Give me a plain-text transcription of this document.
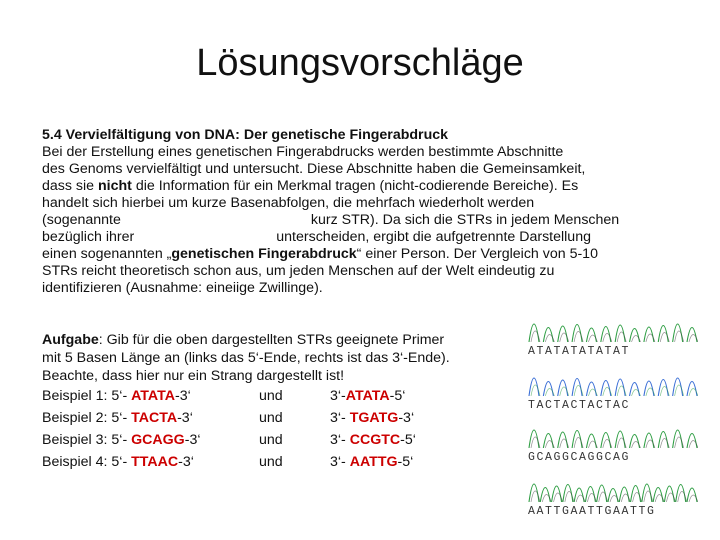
Lösungsvorschläge
5.4 Vervielfältigung von DNA: Der genetische Fingerabdruck
Bei der Erstellung eines genetischen Fingerabdrucks werden bestimmte Abschnitte
des Genoms vervielfältigt und untersucht. Diese Abschnitte haben die Gemeinsamkeit,
dass sie nicht die Information für ein Merkmal tragen (nicht-codierende Bereiche). Es
handelt sich hierbei um kurze Basenabfolgen, die mehrfach wiederholt werden
(sogenannte	kurz STR). Da sich die STRs in jedem Menschen
bezüglich ihrer	unterscheiden, ergibt die aufgetrennte Darstellung
einen sogenannten „genetischen Fingerabdruck“ einer Person. Der Vergleich von 5-10
STRs reicht theoretisch schon aus, um jeden Menschen auf der Welt eindeutig zu
identifizieren (Ausnahme: eineiige Zwillinge).
Aufgabe: Gib für die oben dargestellten STRs geeignete Primer
mit 5 Basen Länge an (links das 5‘-Ende, rechts ist das 3‘-Ende).
Beachte, dass hier nur ein Strang dargestellt ist!
Beispiel 1: 5‘- ATATA-3‘	und	3‘-ATATA-5‘
Beispiel 2: 5‘- TACTA-3‘	und	3‘- TGATG-3‘
Beispiel 3: 5‘- GCAGG-3‘	und	3‘- CCGTC-5‘
Beispiel 4: 5‘- TTAAC-3‘	und	3‘- AATTG-5‘
ATATATATATAT
TACTACTACTAC
GCAGGCAGGCAG
AATTGAATTGAATTG
